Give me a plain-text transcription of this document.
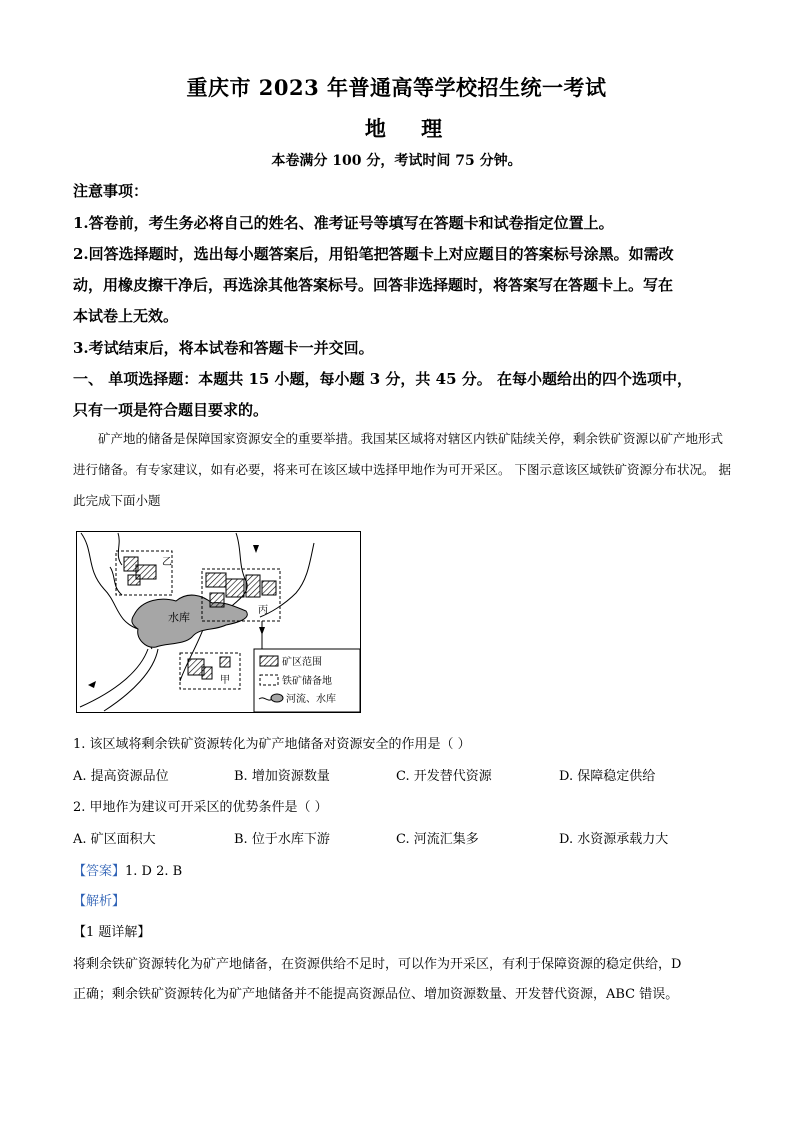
重庆市 2023 年普通高等学校招生统一考试
地 理
本卷满分 100 分，考试时间 75 分钟。
注意事项：
1.答卷前，考生务必将自己的姓名、准考证号等填写在答题卡和试卷指定位置上。
2.回答选择题时，选出每小题答案后，用铅笔把答题卡上对应题目的答案标号涂黑。如需改
动，用橡皮擦干净后，再选涂其他答案标号。回答非选择题时，将答案写在答题卡上。写在
本试卷上无效。
3.考试结束后，将本试卷和答题卡一并交回。
一、 单项选择题：本题共 15 小题，每小题 3 分，共 45 分。 在每小题给出的四个选项中，
只有一项是符合题目要求的。
矿产地的储备是保障国家资源安全的重要举措。我国某区域将对辖区内铁矿陆续关停，剩余铁矿资源以矿产地形式进行储备。有专家建议，如有必要，将来可在该区域中选择甲地作为可开采区。 下图示意该区域铁矿资源分布状况。 据此完成下面小题
水库
乙
丙
甲
矿区范围
铁矿储备地
河流、水库
1. 该区域将剩余铁矿资源转化为矿产地储备对资源安全的作用是（ ）
A. 提高资源品位	B. 增加资源数量	C. 开发替代资源	D. 保障稳定供给
2. 甲地作为建议可开采区的优势条件是（ ）
A. 矿区面积大	B. 位于水库下游	C. 河流汇集多	D. 水资源承载力大
【答案】1. D 2. B
【解析】
【1 题详解】
将剩余铁矿资源转化为矿产地储备，在资源供给不足时，可以作为开采区，有利于保障资源的稳定供给，D
正确；剩余铁矿资源转化为矿产地储备并不能提高资源品位、增加资源数量、开发替代资源，ABC 错误。
